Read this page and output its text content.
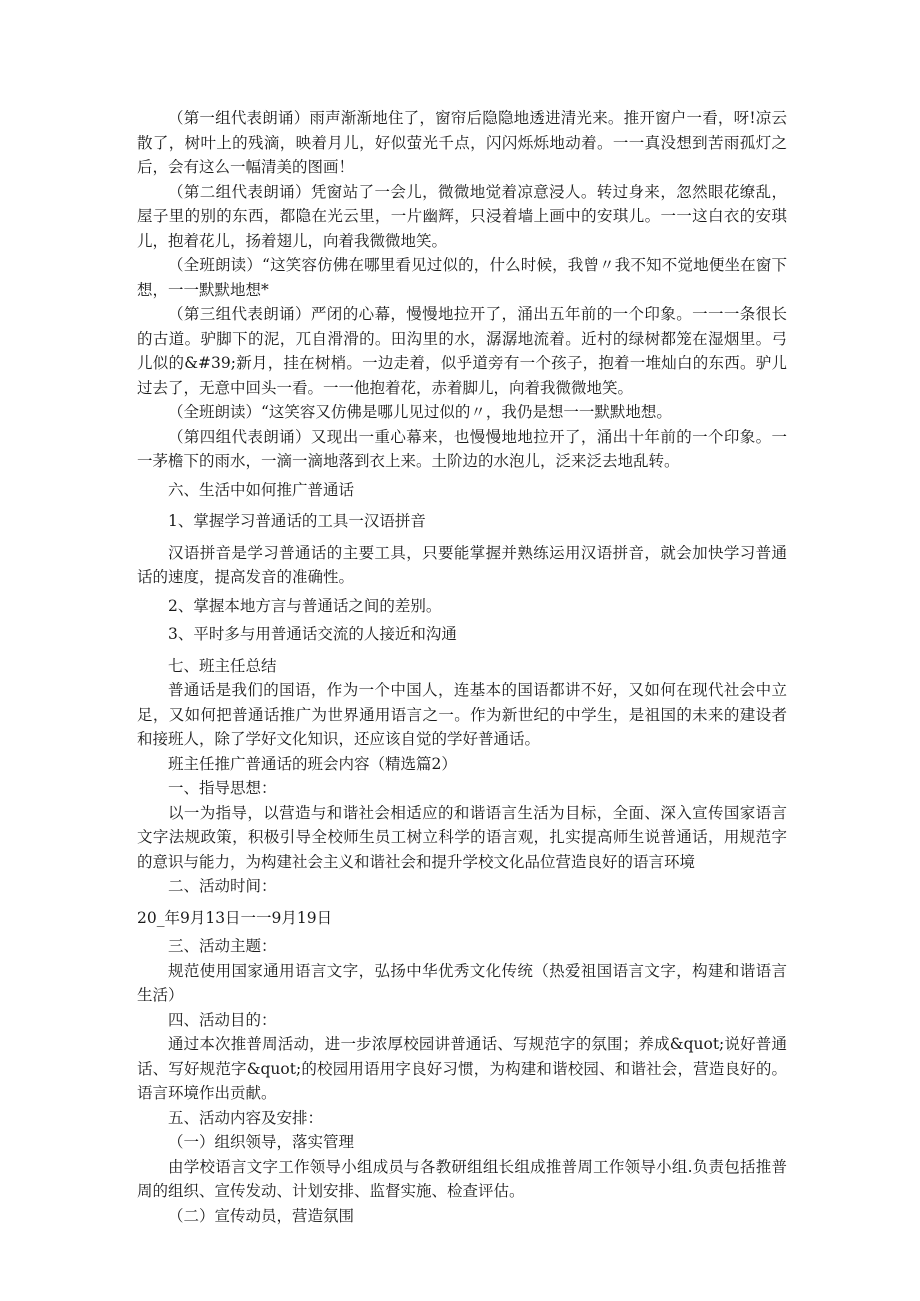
（第一组代表朗诵）雨声渐渐地住了，窗帘后隐隐地透进清光来。推开窗户一看，呀!凉云散了，树叶上的残滴，映着月儿，好似萤光千点，闪闪烁烁地动着。一一真没想到苦雨孤灯之后，会有这么一幅清美的图画！

（第二组代表朗诵）凭窗站了一会儿，微微地觉着凉意浸人。转过身来，忽然眼花缭乱，屋子里的别的东西，都隐在光云里，一片幽辉，只浸着墙上画中的安琪儿。一一这白衣的安琪儿，抱着花儿，扬着翅儿，向着我微微地笑。

（全班朗读）“这笑容仿佛在哪里看见过似的，什么时候，我曾〃我不知不觉地便坐在窗下想，一一默默地想*

（第三组代表朗诵）严闭的心幕，慢慢地拉开了，涌出五年前的一个印象。一一一条很长的古道。驴脚下的泥，兀自滑滑的。田沟里的水，潺潺地流着。近村的绿树都笼在湿烟里。弓儿似的&#39;新月，挂在树梢。一边走着，似乎道旁有一个孩子，抱着一堆灿白的东西。驴儿过去了，无意中回头一看。一一他抱着花，赤着脚儿，向着我微微地笑。

（全班朗读）“这笑容又仿佛是哪儿见过似的〃，我仍是想一一默默地想。

（第四组代表朗诵）又现出一重心幕来，也慢慢地地拉开了，涌出十年前的一个印象。一一茅檐下的雨水，一滴一滴地落到衣上来。土阶边的水泡儿，泛来泛去地乱转。

六、生活中如何推广普通话

1、掌握学习普通话的工具一汉语拼音

汉语拼音是学习普通话的主要工具，只要能掌握并熟练运用汉语拼音，就会加快学习普通话的速度，提高发音的准确性。

2、掌握本地方言与普通话之间的差别。

3、平时多与用普通话交流的人接近和沟通

七、班主任总结

普通话是我们的国语，作为一个中国人，连基本的国语都讲不好，又如何在现代社会中立足，又如何把普通话推广为世界通用语言之一。作为新世纪的中学生，是祖国的未来的建设者和接班人，除了学好文化知识，还应该自觉的学好普通话。

班主任推广普通话的班会内容（精选篇2）

一、指导思想：

以一为指导，以营造与和谐社会相适应的和谐语言生活为目标，全面、深入宣传国家语言文字法规政策，积极引导全校师生员工树立科学的语言观，扎实提高师生说普通话，用规范字的意识与能力，为构建社会主义和谐社会和提升学校文化品位营造良好的语言环境

二、活动时间：

20_年9月13日一一9月19日

三、活动主题：

规范使用国家通用语言文字，弘扬中华优秀文化传统（热爱祖国语言文字，构建和谐语言生活）

四、活动目的：

通过本次推普周活动，进一步浓厚校园讲普通话、写规范字的氛围；养成&quot;说好普通话、写好规范字&quot;的校园用语用字良好习惯，为构建和谐校园、和谐社会，营造良好的。语言环境作出贡献。

五、活动内容及安排：

（一）组织领导，落实管理

由学校语言文字工作领导小组成员与各教研组组长组成推普周工作领导小组.负责包括推普周的组织、宣传发动、计划安排、监督实施、检查评估。

（二）宣传动员，营造氛围
